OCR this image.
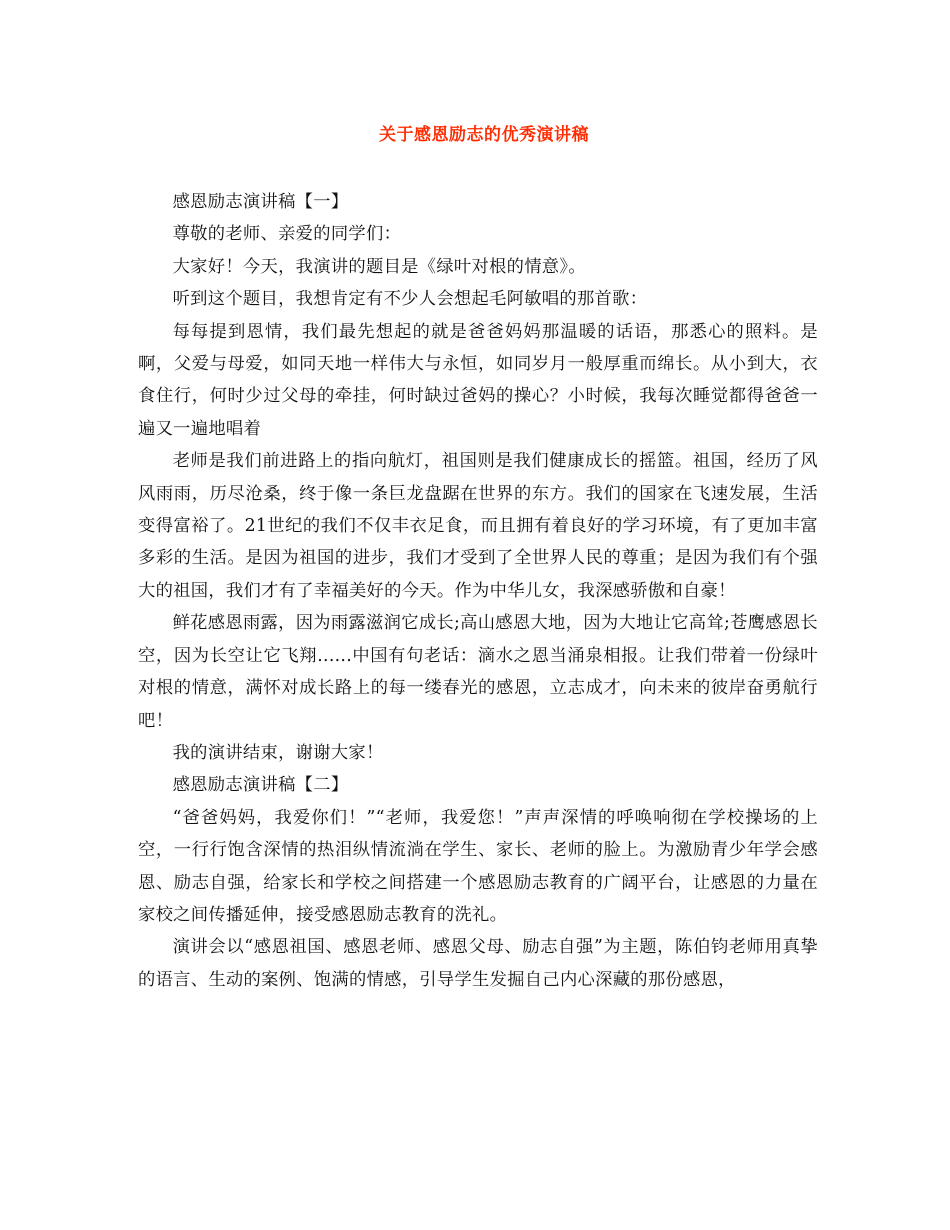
关于感恩励志的优秀演讲稿

感恩励志演讲稿【一】

尊敬的老师、亲爱的同学们：

大家好！今天，我演讲的题目是《绿叶对根的情意》。

听到这个题目，我想肯定有不少人会想起毛阿敏唱的那首歌：

每每提到恩情，我们最先想起的就是爸爸妈妈那温暖的话语，那悉心的照料。是啊，父爱与母爱，如同天地一样伟大与永恒，如同岁月一般厚重而绵长。从小到大，衣食住行，何时少过父母的牵挂，何时缺过爸妈的操心？小时候，我每次睡觉都得爸爸一遍又一遍地唱着

老师是我们前进路上的指向航灯，祖国则是我们健康成长的摇篮。祖国，经历了风风雨雨，历尽沧桑，终于像一条巨龙盘踞在世界的东方。我们的国家在飞速发展，生活变得富裕了。21世纪的我们不仅丰衣足食，而且拥有着良好的学习环境，有了更加丰富多彩的生活。是因为祖国的进步，我们才受到了全世界人民的尊重；是因为我们有个强大的祖国，我们才有了幸福美好的今天。作为中华儿女，我深感骄傲和自豪！

鲜花感恩雨露，因为雨露滋润它成长;高山感恩大地，因为大地让它高耸;苍鹰感恩长空，因为长空让它飞翔......中国有句老话：滴水之恩当涌泉相报。让我们带着一份绿叶对根的情意，满怀对成长路上的每一缕春光的感恩，立志成才，向未来的彼岸奋勇航行吧！

我的演讲结束，谢谢大家！

感恩励志演讲稿【二】

“爸爸妈妈，我爱你们！”“老师，我爱您！”声声深情的呼唤响彻在学校操场的上空，一行行饱含深情的热泪纵情流淌在学生、家长、老师的脸上。为激励青少年学会感恩、励志自强，给家长和学校之间搭建一个感恩励志教育的广阔平台，让感恩的力量在家校之间传播延伸，接受感恩励志教育的洗礼。

演讲会以“感恩祖国、感恩老师、感恩父母、励志自强”为主题，陈伯钧老师用真挚的语言、生动的案例、饱满的情感，引导学生发掘自己内心深藏的那份感恩，
